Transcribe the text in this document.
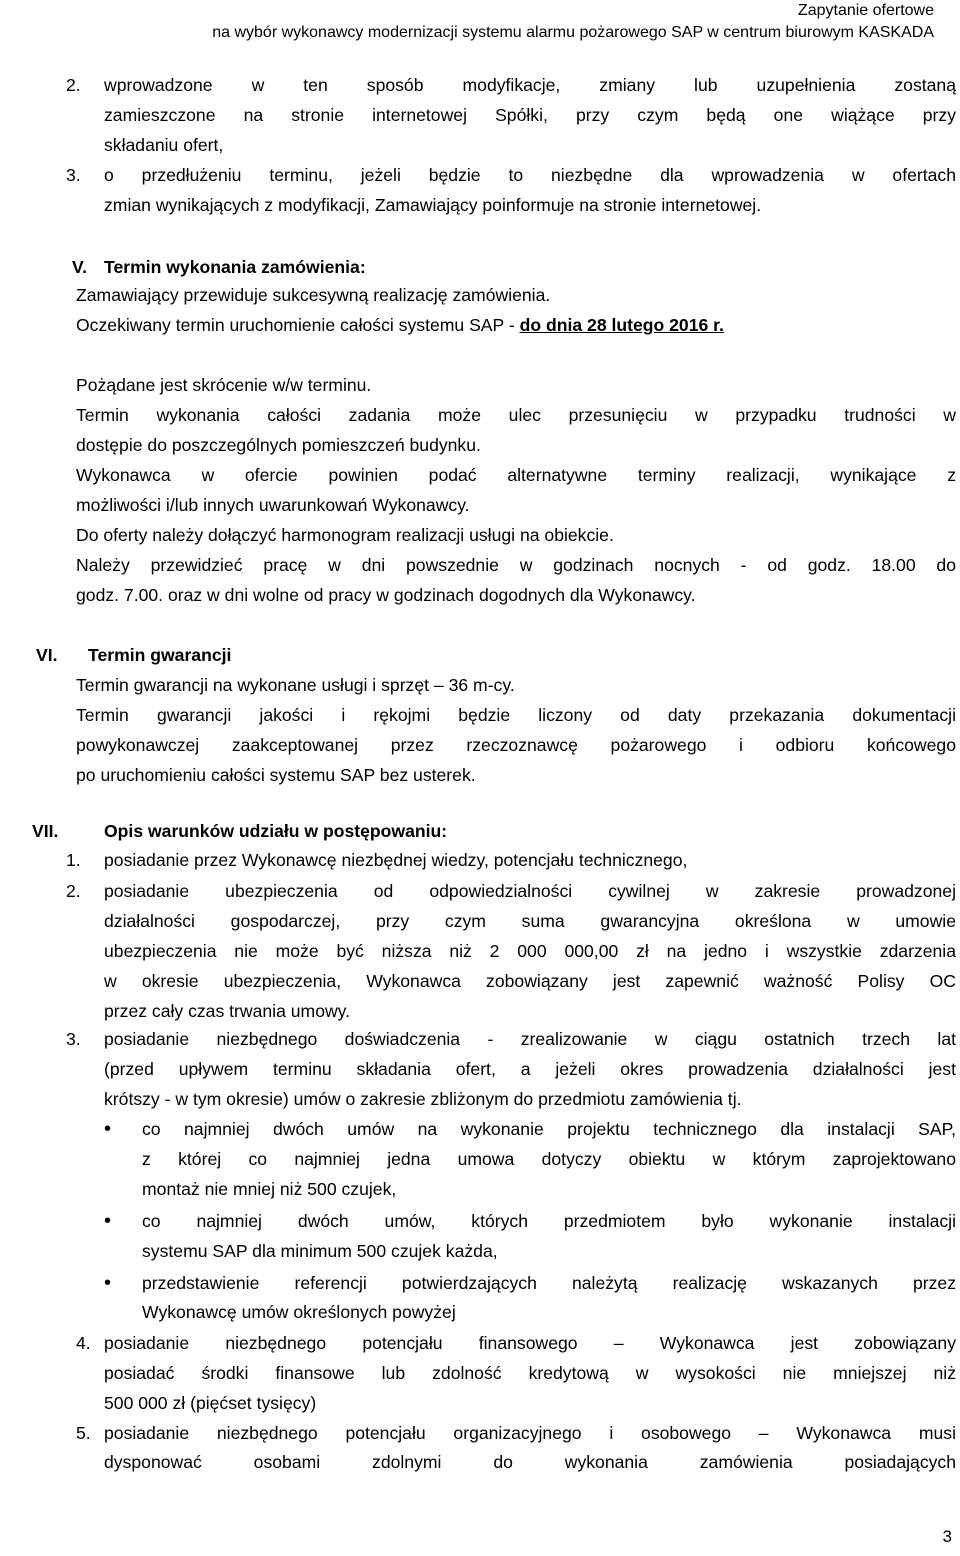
Zapytanie ofertowe
na wybór wykonawcy modernizacji systemu alarmu pożarowego SAP w centrum biurowym KASKADA
2. wprowadzone w ten sposób modyfikacje, zmiany lub uzupełnienia zostaną
zamieszczone na stronie internetowej Spółki, przy czym będą one wiążące przy
składaniu ofert,
3. o przedłużeniu terminu, jeżeli będzie to niezbędne dla wprowadzenia w ofertach
zmian wynikających z modyfikacji, Zamawiający poinformuje na stronie internetowej.
V. Termin wykonania zamówienia:
Zamawiający przewiduje sukcesywną realizację zamówienia.
Oczekiwany termin uruchomienie całości systemu SAP - do dnia 28 lutego 2016 r.
Pożądane jest skrócenie w/w terminu.
Termin wykonania całości zadania może ulec przesunięciu w przypadku trudności w
dostępie do poszczególnych pomieszczeń budynku.
Wykonawca w ofercie powinien podać alternatywne terminy realizacji, wynikające z
możliwości i/lub innych uwarunkowań Wykonawcy.
Do oferty należy dołączyć harmonogram realizacji usługi na obiekcie.
Należy przewidzieć pracę w dni powszednie w godzinach nocnych - od godz. 18.00 do
godz. 7.00. oraz w dni wolne od pracy w godzinach dogodnych dla Wykonawcy.
VI. Termin gwarancji
Termin gwarancji na wykonane usługi i sprzęt – 36 m-cy.
Termin gwarancji jakości i rękojmi będzie liczony od daty przekazania dokumentacji
powykonawczej zaakceptowanej przez rzeczoznawcę pożarowego i odbioru końcowego
po uruchomieniu całości systemu SAP bez usterek.
VII.	Opis warunków udziału w postępowaniu:
1. posiadanie przez Wykonawcę niezbędnej wiedzy, potencjału technicznego,
2. posiadanie ubezpieczenia od odpowiedzialności cywilnej w zakresie prowadzonej
działalności gospodarczej, przy czym suma gwarancyjna określona w umowie
ubezpieczenia nie może być niższa niż 2 000 000,00 zł na jedno i wszystkie zdarzenia
w okresie ubezpieczenia, Wykonawca zobowiązany jest zapewnić ważność Polisy OC
przez cały czas trwania umowy.
3. posiadanie niezbędnego doświadczenia - zrealizowanie w ciągu ostatnich trzech lat
(przed upływem terminu składania ofert, a jeżeli okres prowadzenia działalności jest
krótszy - w tym okresie) umów o zakresie zbliżonym do przedmiotu zamówienia tj.
• co najmniej dwóch umów na wykonanie projektu technicznego dla instalacji SAP,
z której co najmniej jedna umowa dotyczy obiektu w którym zaprojektowano
montaż nie mniej niż 500 czujek,
• co najmniej dwóch umów, których przedmiotem było wykonanie instalacji
systemu SAP dla minimum 500 czujek każda,
• przedstawienie referencji potwierdzających należytą realizację wskazanych przez
Wykonawcę umów określonych powyżej
4. posiadanie niezbędnego potencjału finansowego – Wykonawca jest zobowiązany
posiadać środki finansowe lub zdolność kredytową w wysokości nie mniejszej niż
500 000 zł (pięćset tysięcy)
5. posiadanie niezbędnego potencjału organizacyjnego i osobowego – Wykonawca musi
dysponować osobami zdolnymi do wykonania zamówienia posiadających
3
